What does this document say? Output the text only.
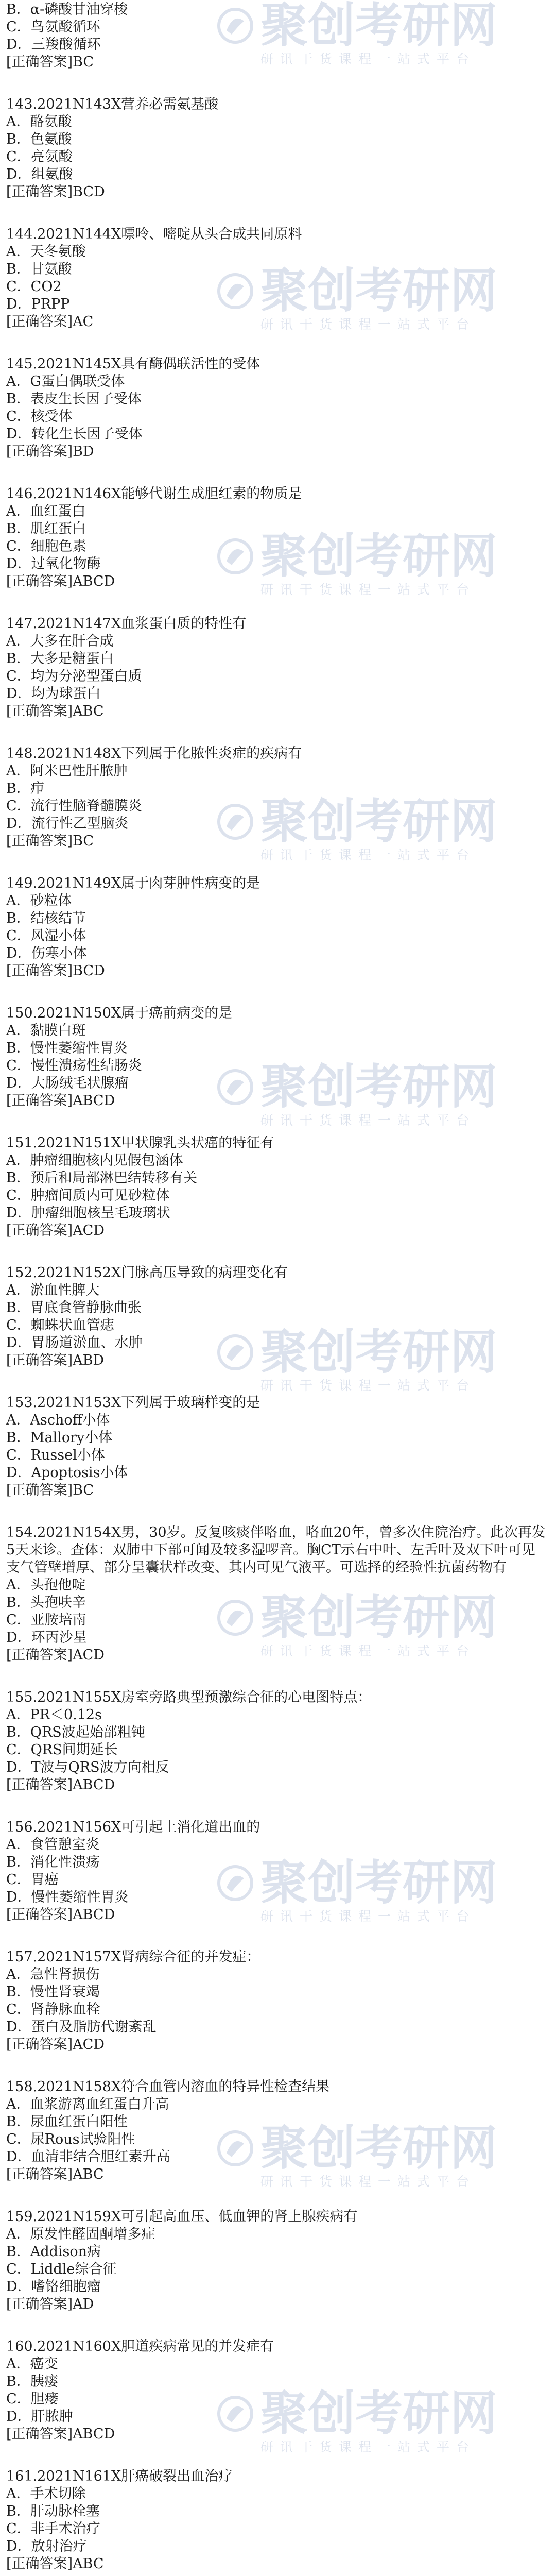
B．α-磷酸甘油穿梭
C．鸟氨酸循环
D．三羧酸循环
[正确答案]BC
143.2021N143X营养必需氨基酸
A．酪氨酸
B．色氨酸
C．亮氨酸
D．组氨酸
[正确答案]BCD
144.2021N144X嘌呤、嘧啶从头合成共同原料
A．天冬氨酸
B．甘氨酸
C．CO2
D．PRPP
[正确答案]AC
145.2021N145X具有酶偶联活性的受体
A．G蛋白偶联受体
B．表皮生长因子受体
C．核受体
D．转化生长因子受体
[正确答案]BD
146.2021N146X能够代谢生成胆红素的物质是
A．血红蛋白
B．肌红蛋白
C．细胞色素
D．过氧化物酶
[正确答案]ABCD
147.2021N147X血浆蛋白质的特性有
A．大多在肝合成
B．大多是糖蛋白
C．均为分泌型蛋白质
D．均为球蛋白
[正确答案]ABC
148.2021N148X下列属于化脓性炎症的疾病有
A．阿米巴性肝脓肿
B．疖
C．流行性脑脊髓膜炎
D．流行性乙型脑炎
[正确答案]BC
149.2021N149X属于肉芽肿性病变的是
A．砂粒体
B．结核结节
C．风湿小体
D．伤寒小体
[正确答案]BCD
150.2021N150X属于癌前病变的是
A．黏膜白斑
B．慢性萎缩性胃炎
C．慢性溃疡性结肠炎
D．大肠绒毛状腺瘤
[正确答案]ABCD
151.2021N151X甲状腺乳头状癌的特征有
A．肿瘤细胞核内见假包涵体
B．预后和局部淋巴结转移有关
C．肿瘤间质内可见砂粒体
D．肿瘤细胞核呈毛玻璃状
[正确答案]ACD
152.2021N152X门脉高压导致的病理变化有
A．淤血性脾大
B．胃底食管静脉曲张
C．蜘蛛状血管痣
D．胃肠道淤血、水肿
[正确答案]ABD
153.2021N153X下列属于玻璃样变的是
A．Aschoff小体
B．Mallory小体
C．Russel小体
D．Apoptosis小体
[正确答案]BC
154.2021N154X男，30岁。反复咳痰伴咯血，咯血20年，曾多次住院治疗。此次再发5天来诊。查体：双肺中下部可闻及较多湿啰音。胸CT示右中叶、左舌叶及双下叶可见支气管壁增厚、部分呈囊状样改变、其内可见气液平。可选择的经验性抗菌药物有
A．头孢他啶
B．头孢呋辛
C．亚胺培南
D．环丙沙星
[正确答案]ACD
155.2021N155X房室旁路典型预激综合征的心电图特点：
A．PR＜0.12s
B．QRS波起始部粗钝
C．QRS间期延长
D．T波与QRS波方向相反
[正确答案]ABCD
156.2021N156X可引起上消化道出血的
A．食管憩室炎
B．消化性溃疡
C．胃癌
D．慢性萎缩性胃炎
[正确答案]ABCD
157.2021N157X肾病综合征的并发症：
A．急性肾损伤
B．慢性肾衰竭
C．肾静脉血栓
D．蛋白及脂肪代谢紊乱
[正确答案]ACD
158.2021N158X符合血管内溶血的特异性检查结果
A．血浆游离血红蛋白升高
B．尿血红蛋白阳性
C．尿Rous试验阳性
D．血清非结合胆红素升高
[正确答案]ABC
159.2021N159X可引起高血压、低血钾的肾上腺疾病有
A．原发性醛固酮增多症
B．Addison病
C．Liddle综合征
D．嗜铬细胞瘤
[正确答案]AD
160.2021N160X胆道疾病常见的并发症有
A．癌变
B．胰瘘
C．胆瘘
D．肝脓肿
[正确答案]ABCD
161.2021N161X肝癌破裂出血治疗
A．手术切除
B．肝动脉栓塞
C．非手术治疗
D．放射治疗
[正确答案]ABC
聚创考研网
研讯干货课程一站式平台
聚创考研网
研讯干货课程一站式平台
聚创考研网
研讯干货课程一站式平台
聚创考研网
研讯干货课程一站式平台
聚创考研网
研讯干货课程一站式平台
聚创考研网
研讯干货课程一站式平台
聚创考研网
研讯干货课程一站式平台
聚创考研网
研讯干货课程一站式平台
聚创考研网
研讯干货课程一站式平台
聚创考研网
研讯干货课程一站式平台
